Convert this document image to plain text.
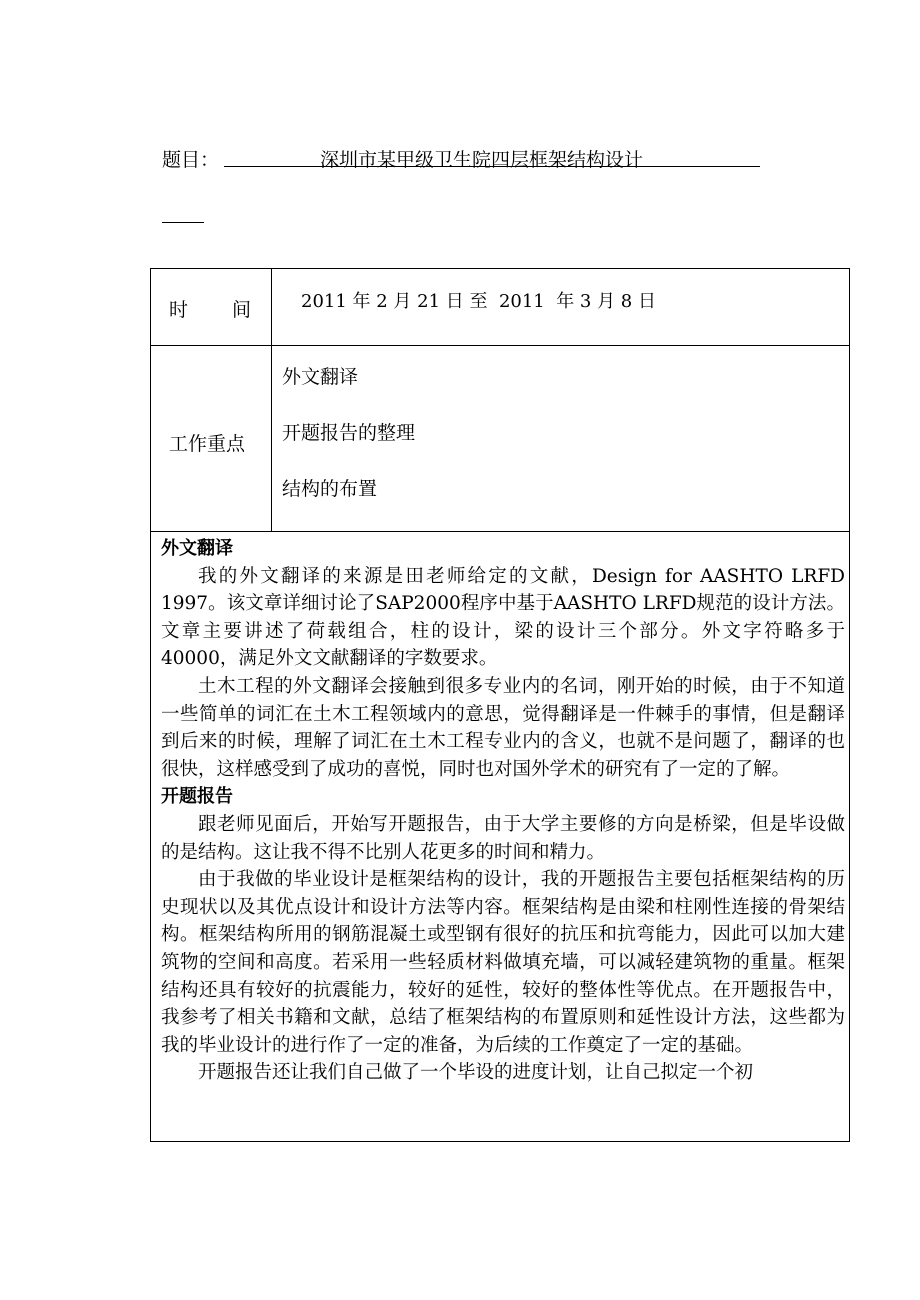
题目：	深圳市某甲级卫生院四层框架结构设计
时 间	2011 年 2 月 21 日 至  2011  年 3 月 8 日
工作重点
外文翻译
开题报告的整理
结构的布置
外文翻译

我的外文翻译的来源是田老师给定的文献，Design for AASHTO LRFD 1997。该文章详细讨论了SAP2000程序中基于AASHTO LRFD规范的设计方法。文章主要讲述了荷载组合，柱的设计，梁的设计三个部分。外文字符略多于40000，满足外文文献翻译的字数要求。

土木工程的外文翻译会接触到很多专业内的名词，刚开始的时候，由于不知道一些简单的词汇在土木工程领域内的意思，觉得翻译是一件棘手的事情，但是翻译到后来的时候，理解了词汇在土木工程专业内的含义，也就不是问题了，翻译的也很快，这样感受到了成功的喜悦，同时也对国外学术的研究有了一定的了解。

开题报告

跟老师见面后，开始写开题报告，由于大学主要修的方向是桥梁，但是毕设做的是结构。这让我不得不比别人花更多的时间和精力。

由于我做的毕业设计是框架结构的设计，我的开题报告主要包括框架结构的历史现状以及其优点设计和设计方法等内容。框架结构是由梁和柱刚性连接的骨架结构。框架结构所用的钢筋混凝土或型钢有很好的抗压和抗弯能力，因此可以加大建筑物的空间和高度。若采用一些轻质材料做填充墙，可以减轻建筑物的重量。框架结构还具有较好的抗震能力，较好的延性，较好的整体性等优点。在开题报告中，我参考了相关书籍和文献，总结了框架结构的布置原则和延性设计方法，这些都为我的毕业设计的进行作了一定的准备，为后续的工作奠定了一定的基础。

开题报告还让我们自己做了一个毕设的进度计划，让自己拟定一个初
